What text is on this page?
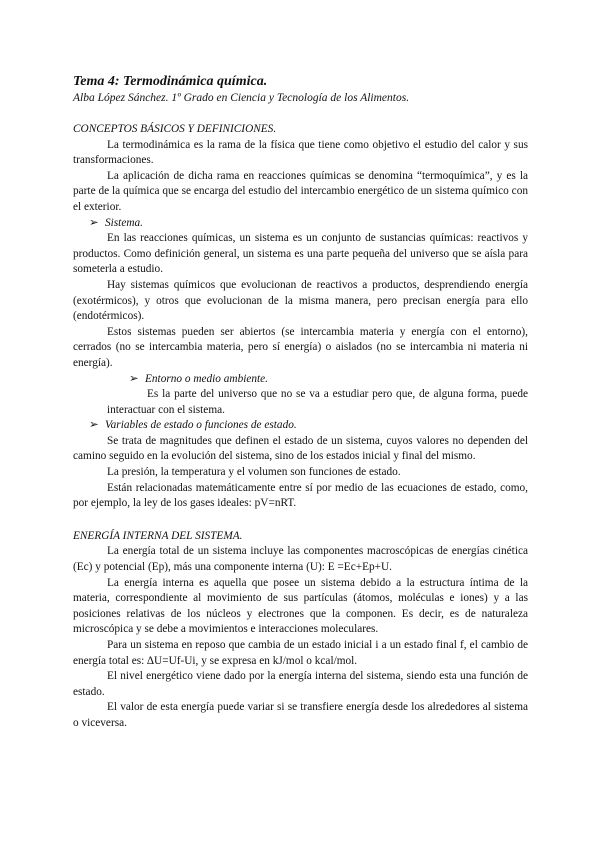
Tema 4: Termodinámica química.
Alba López Sánchez. 1º Grado en Ciencia y Tecnología de los Alimentos.
CONCEPTOS BÁSICOS Y DEFINICIONES.

La termodinámica es la rama de la física que tiene como objetivo el estudio del calor y sus transformaciones.

La aplicación de dicha rama en reacciones químicas se denomina “termoquímica”, y es la parte de la química que se encarga del estudio del intercambio energético de un sistema químico con el exterior.

➢ Sistema.

En las reacciones químicas, un sistema es un conjunto de sustancias químicas: reactivos y productos. Como definición general, un sistema es una parte pequeña del universo que se aísla para someterla a estudio.

Hay sistemas químicos que evolucionan de reactivos a productos, desprendiendo energía (exotérmicos), y otros que evolucionan de la misma manera, pero precisan energía para ello (endotérmicos).

Estos sistemas pueden ser abiertos (se intercambia materia y energía con el entorno), cerrados (no se intercambia materia, pero sí energía) o aislados (no se intercambia ni materia ni energía).

➢ Entorno o medio ambiente.

Es la parte del universo que no se va a estudiar pero que, de alguna forma, puede interactuar con el sistema.

➢ Variables de estado o funciones de estado.

Se trata de magnitudes que definen el estado de un sistema, cuyos valores no dependen del camino seguido en la evolución del sistema, sino de los estados inicial y final del mismo.

La presión, la temperatura y el volumen son funciones de estado.

Están relacionadas matemáticamente entre sí por medio de las ecuaciones de estado, como, por ejemplo, la ley de los gases ideales: pV=nRT.

ENERGÍA INTERNA DEL SISTEMA.

La energía total de un sistema incluye las componentes macroscópicas de energías cinética (Ec) y potencial (Ep), más una componente interna (U): E =Ec+Ep+U.

La energía interna es aquella que posee un sistema debido a la estructura íntima de la materia, correspondiente al movimiento de sus partículas (átomos, moléculas e iones) y a las posiciones relativas de los núcleos y electrones que la componen. Es decir, es de naturaleza microscópica y se debe a movimientos e interacciones moleculares.

Para un sistema en reposo que cambia de un estado inicial i a un estado final f, el cambio de energía total es: ∆U=Uf-Ui, y se expresa en kJ/mol o kcal/mol.

El nivel energético viene dado por la energía interna del sistema, siendo esta una función de estado.

El valor de esta energía puede variar si se transfiere energía desde los alrededores al sistema o viceversa.
